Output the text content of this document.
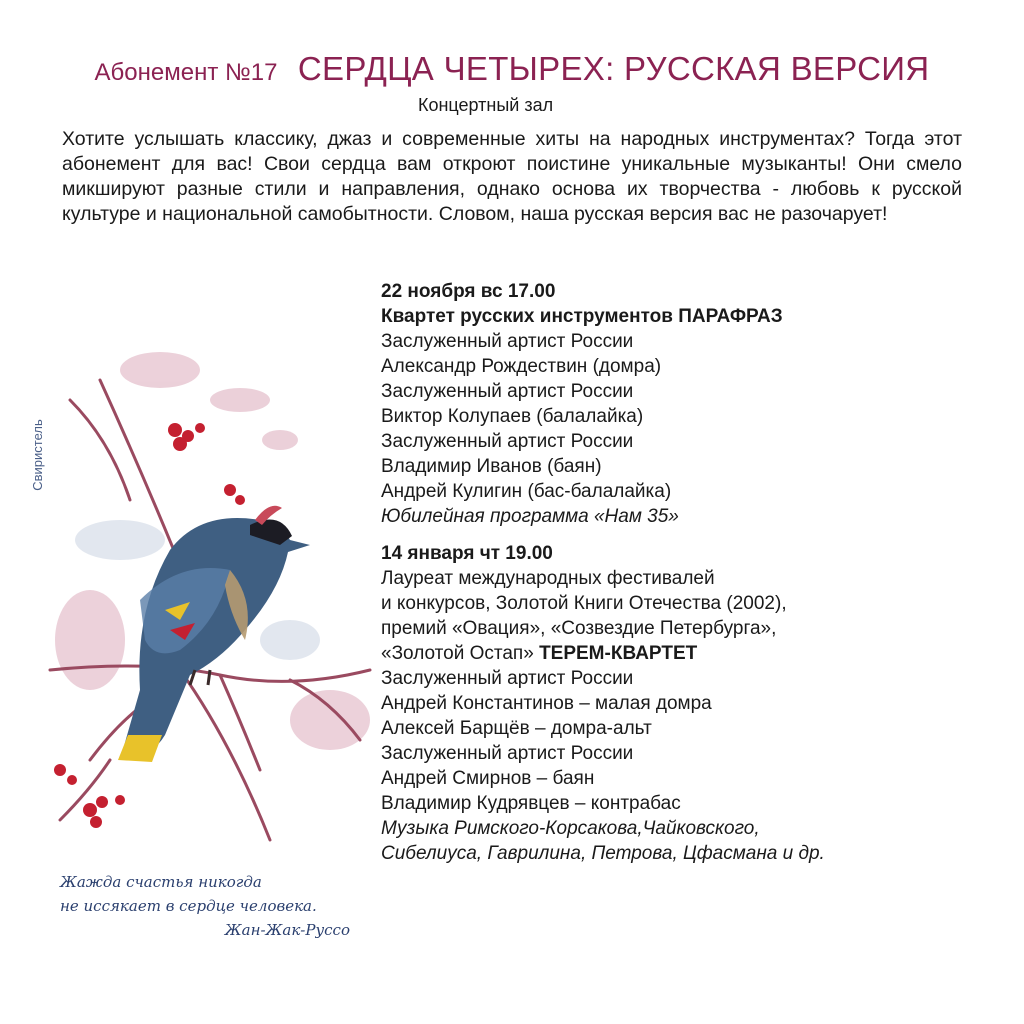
Абонемент №17 СЕРДЦА ЧЕТЫРЕХ: РУССКАЯ ВЕРСИЯ
Концертный зал
Хотите услышать классику, джаз и современные хиты на народных инструментах? Тогда этот абонемент для вас! Свои сердца вам откроют поистине уникальные музыканты! Они смело микшируют разные стили и направления, однако основа их творчества - любовь к русской культуре и национальной самобытности. Словом, наша русская версия вас не разочарует!
22 ноября вс 17.00
Квартет русских инструментов ПАРАФРАЗ
Заслуженный артист России
Александр Рождествин (домра)
Заслуженный артист России
Виктор Колупаев (балалайка)
Заслуженный артист России
Владимир Иванов (баян)
Андрей Кулигин (бас-балалайка)
Юбилейная программа «Нам 35»
14 января чт 19.00
Лауреат международных фестивалей
и конкурсов, Золотой Книги Отечества (2002),
премий «Овация», «Созвездие Петербурга»,
«Золотой Остап» ТЕРЕМ-КВАРТЕТ
Заслуженный артист России
Андрей Константинов – малая домра
Алексей Барщёв – домра-альт
Заслуженный артист России
Андрей Смирнов – баян
Владимир Кудрявцев – контрабас
Музыка Римского-Корсакова,Чайковского,
Сибелиуса, Гаврилина, Петрова, Цфасмана и др.
Свиристель
Жажда счастья никогда
не иссякает в сердце человека.
Жан-Жак-Руссо
